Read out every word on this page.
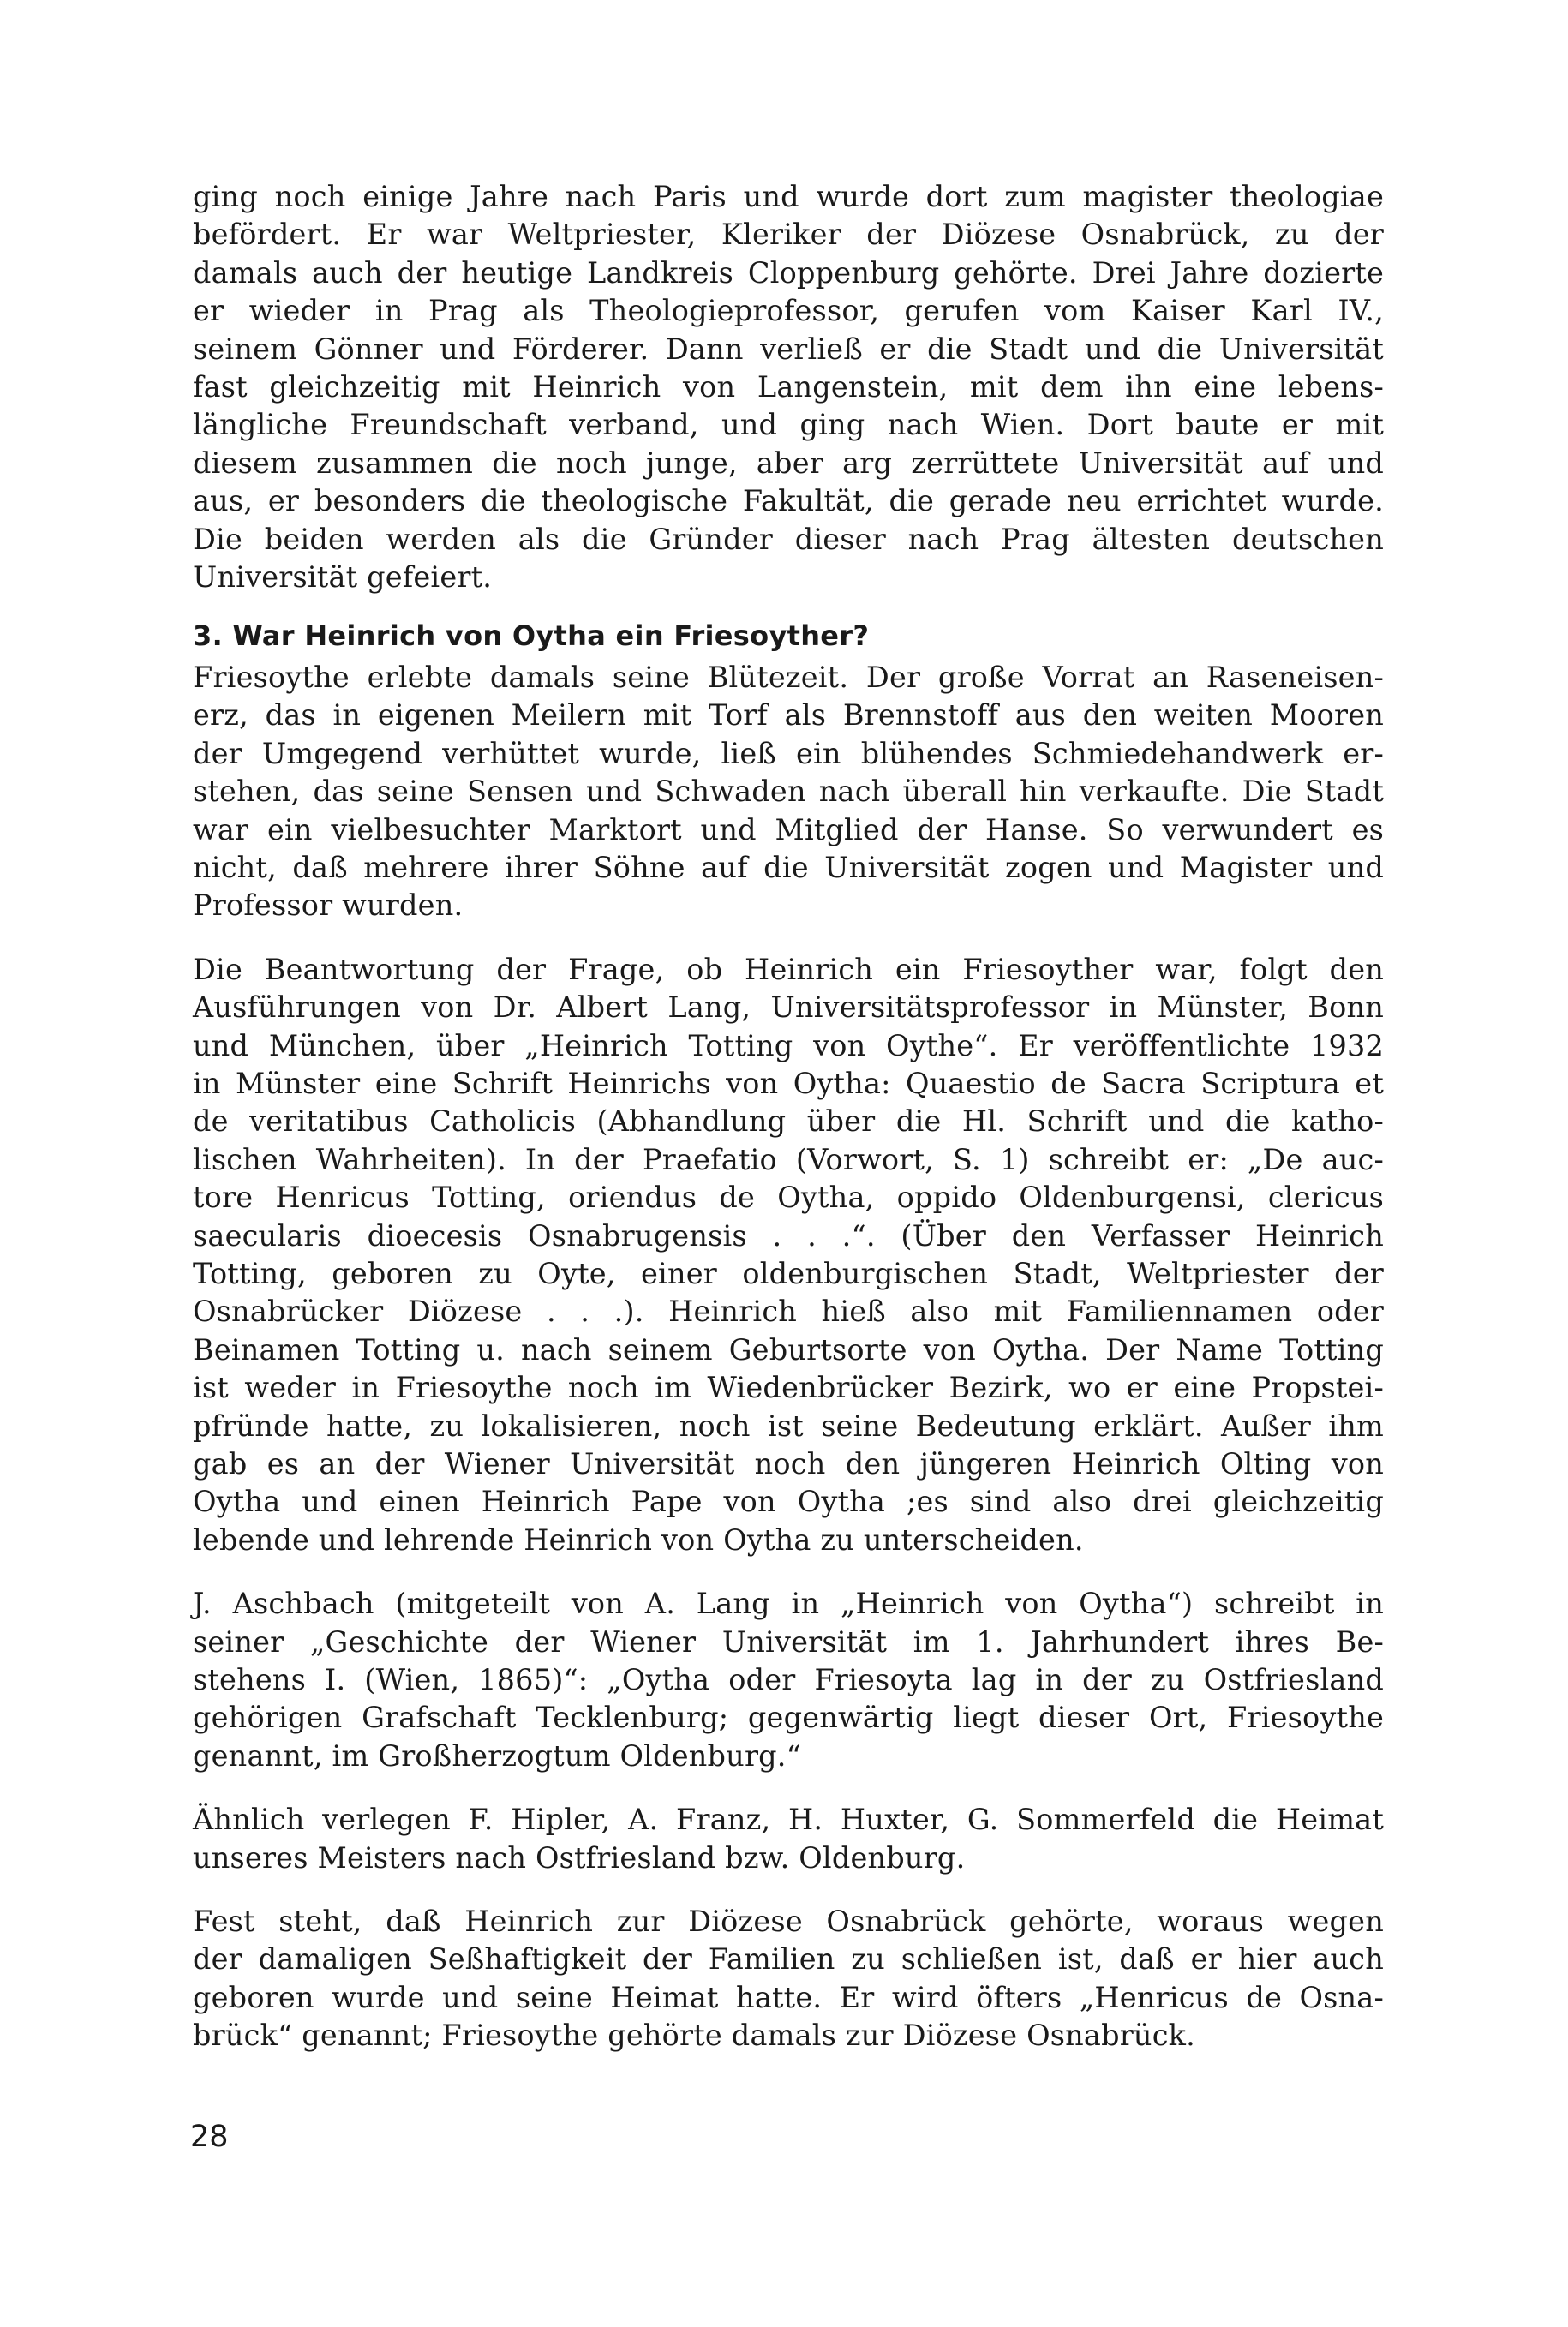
ging noch einige Jahre nach Paris und wurde dort zum magister theologiae
befördert. Er war Weltpriester, Kleriker der Diözese Osnabrück, zu der
damals auch der heutige Landkreis Cloppenburg gehörte. Drei Jahre dozierte
er wieder in Prag als Theologieprofessor, gerufen vom Kaiser Karl IV.,
seinem Gönner und Förderer. Dann verließ er die Stadt und die Universität
fast gleichzeitig mit Heinrich von Langenstein, mit dem ihn eine lebens-
längliche Freundschaft verband, und ging nach Wien. Dort baute er mit
diesem zusammen die noch junge, aber arg zerrüttete Universität auf und
aus, er besonders die theologische Fakultät, die gerade neu errichtet wurde.
Die beiden werden als die Gründer dieser nach Prag ältesten deutschen
Universität gefeiert.
3. War Heinrich von Oytha ein Friesoyther?
Friesoythe erlebte damals seine Blütezeit. Der große Vorrat an Raseneisen-
erz, das in eigenen Meilern mit Torf als Brennstoff aus den weiten Mooren
der Umgegend verhüttet wurde, ließ ein blühendes Schmiedehandwerk er-
stehen, das seine Sensen und Schwaden nach überall hin verkaufte. Die Stadt
war ein vielbesuchter Marktort und Mitglied der Hanse. So verwundert es
nicht, daß mehrere ihrer Söhne auf die Universität zogen und Magister und
Professor wurden.
Die Beantwortung der Frage, ob Heinrich ein Friesoyther war, folgt den
Ausführungen von Dr. Albert Lang, Universitätsprofessor in Münster, Bonn
und München, über „Heinrich Totting von Oythe“. Er veröffentlichte 1932
in Münster eine Schrift Heinrichs von Oytha: Quaestio de Sacra Scriptura et
de veritatibus Catholicis (Abhandlung über die Hl. Schrift und die katho-
lischen Wahrheiten). In der Praefatio (Vorwort, S. 1) schreibt er: „De auc-
tore Henricus Totting, oriendus de Oytha, oppido Oldenburgensi, clericus
saecularis dioecesis Osnabrugensis . . .“. (Über den Verfasser Heinrich
Totting, geboren zu Oyte, einer oldenburgischen Stadt, Weltpriester der
Osnabrücker Diözese . . .). Heinrich hieß also mit Familiennamen oder
Beinamen Totting u. nach seinem Geburtsorte von Oytha. Der Name Totting
ist weder in Friesoythe noch im Wiedenbrücker Bezirk, wo er eine Propstei-
pfründe hatte, zu lokalisieren, noch ist seine Bedeutung erklärt. Außer ihm
gab es an der Wiener Universität noch den jüngeren Heinrich Olting von
Oytha und einen Heinrich Pape von Oytha ;es sind also drei gleichzeitig
lebende und lehrende Heinrich von Oytha zu unterscheiden.
J. Aschbach (mitgeteilt von A. Lang in „Heinrich von Oytha“) schreibt in
seiner „Geschichte der Wiener Universität im 1. Jahrhundert ihres Be-
stehens I. (Wien, 1865)“: „Oytha oder Friesoyta lag in der zu Ostfriesland
gehörigen Grafschaft Tecklenburg; gegenwärtig liegt dieser Ort, Friesoythe
genannt, im Großherzogtum Oldenburg.“
Ähnlich verlegen F. Hipler, A. Franz, H. Huxter, G. Sommerfeld die Heimat
unseres Meisters nach Ostfriesland bzw. Oldenburg.
Fest steht, daß Heinrich zur Diözese Osnabrück gehörte, woraus wegen
der damaligen Seßhaftigkeit der Familien zu schließen ist, daß er hier auch
geboren wurde und seine Heimat hatte. Er wird öfters „Henricus de Osna-
brück“ genannt; Friesoythe gehörte damals zur Diözese Osnabrück.
28
